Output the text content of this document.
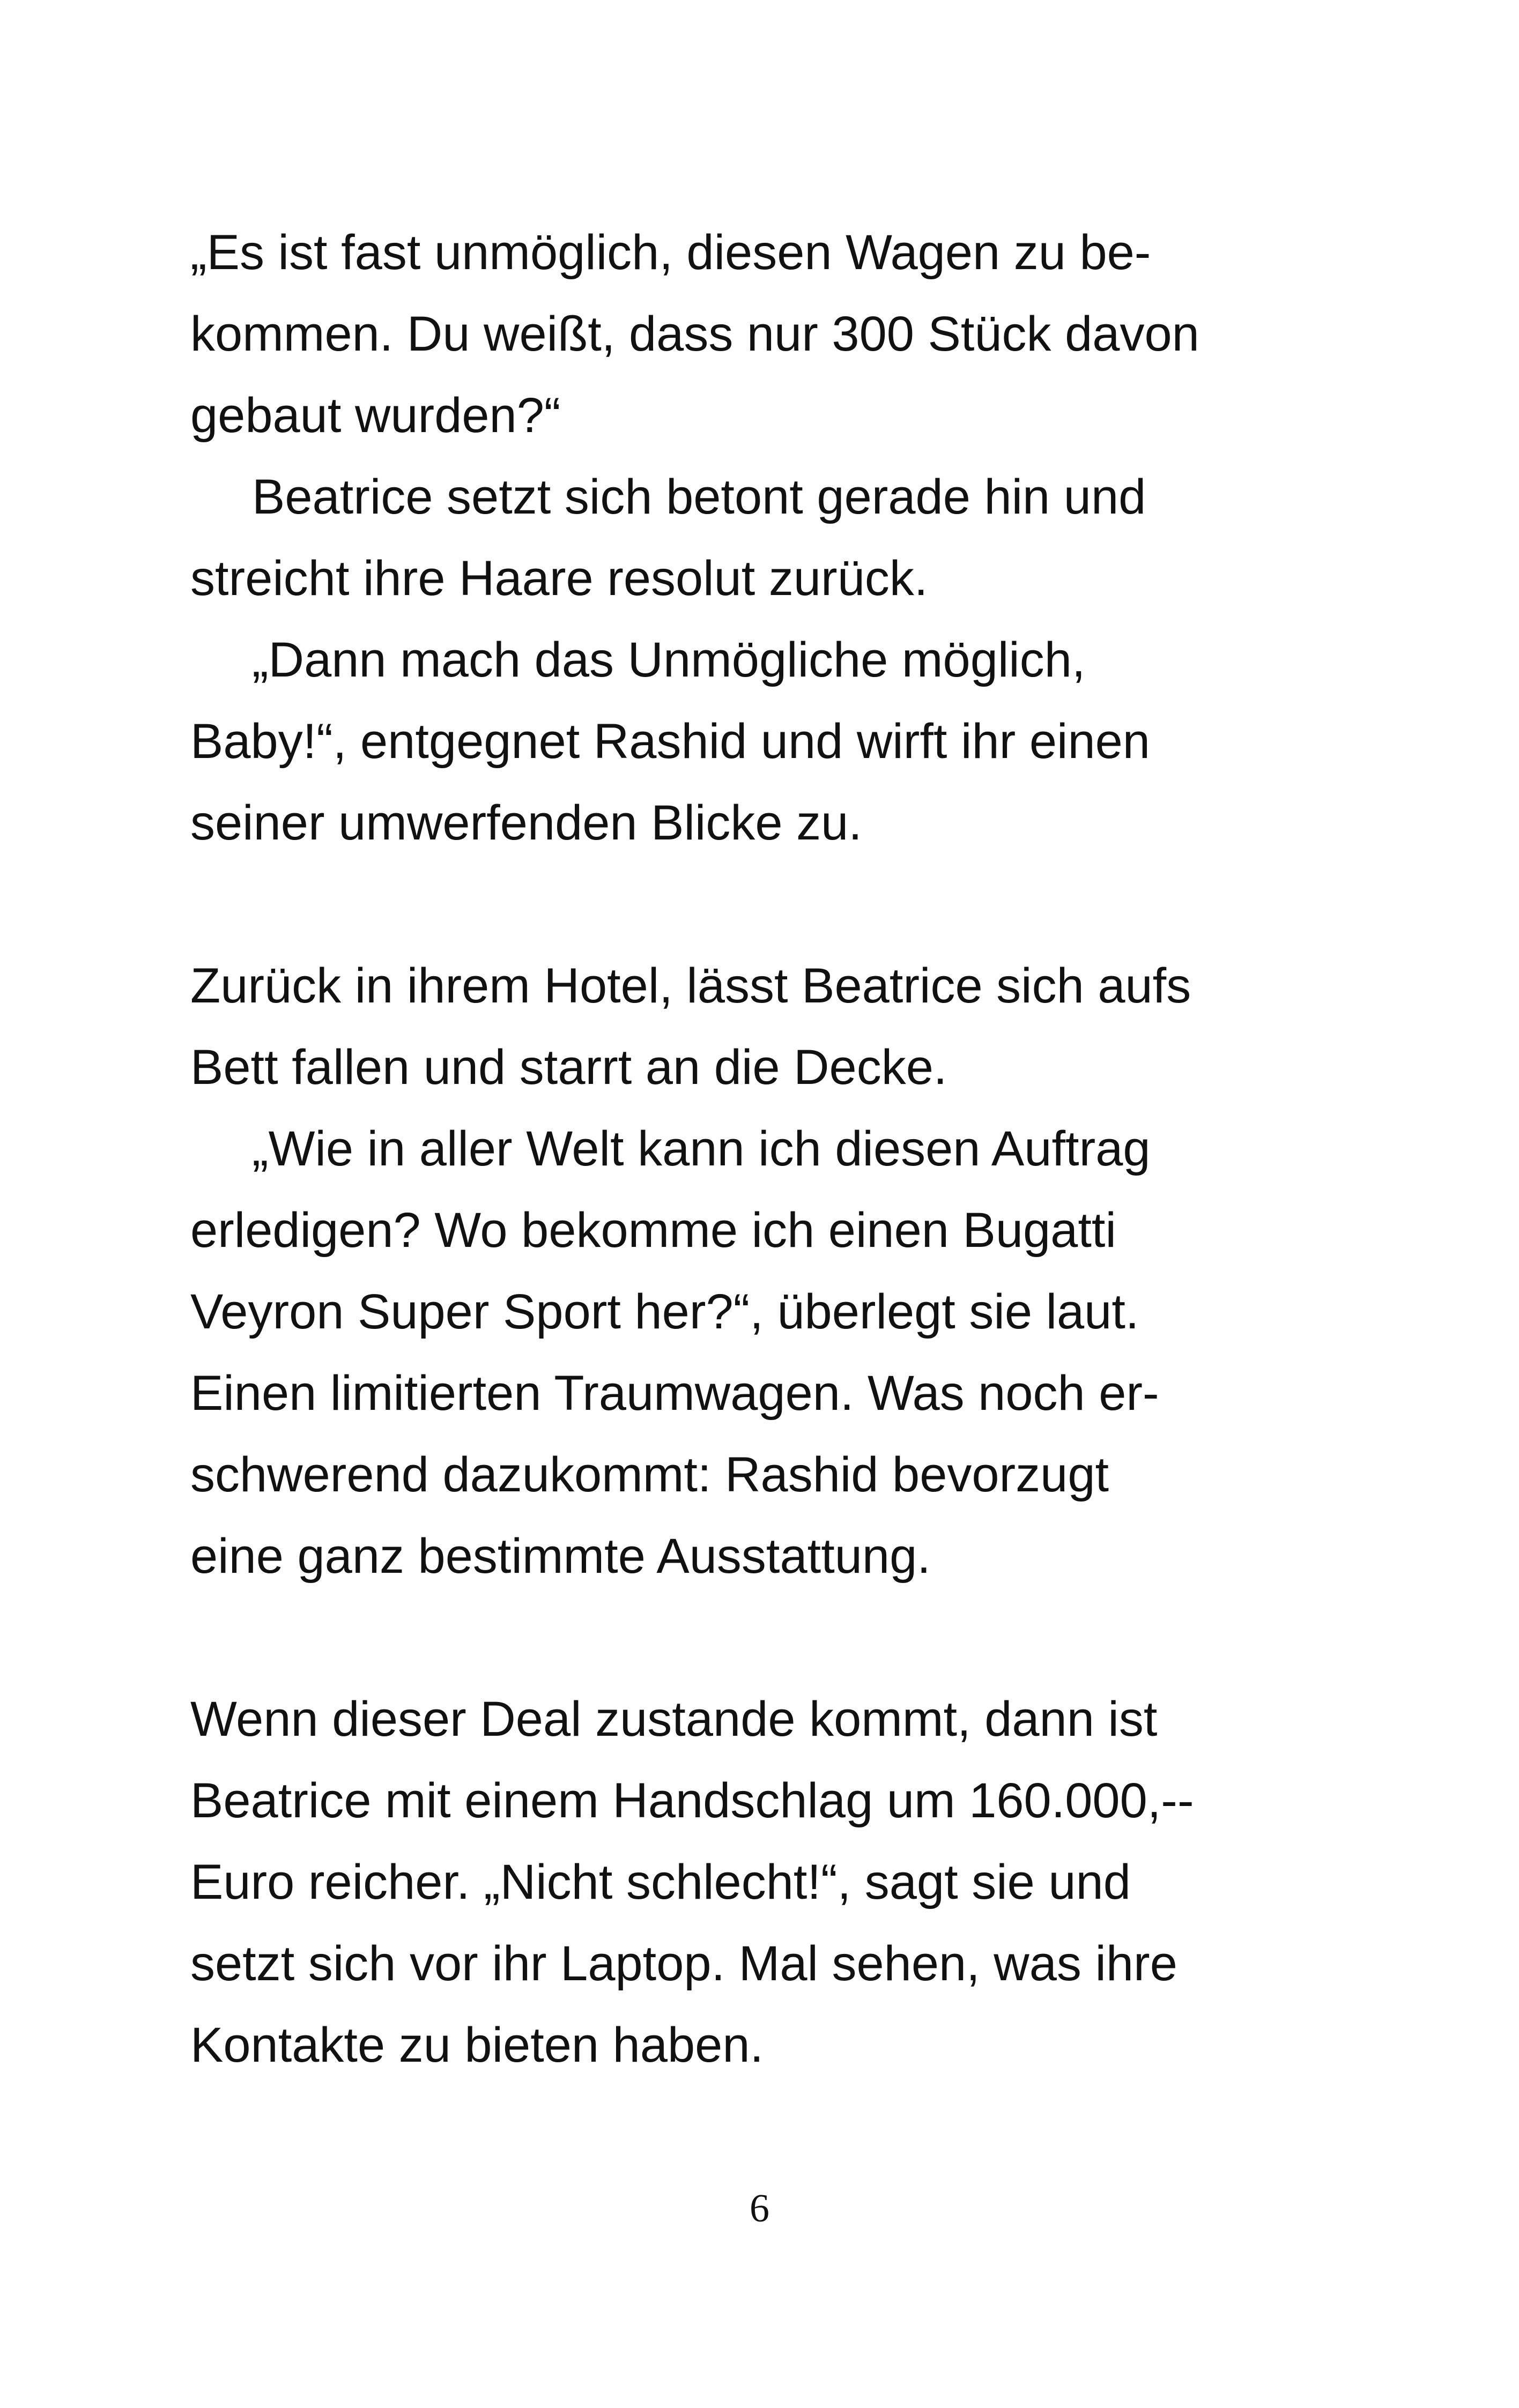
„Es ist fast unmöglich, diesen Wagen zu be-
kommen. Du weißt, dass nur 300 Stück davon
gebaut wurden?“

Beatrice setzt sich betont gerade hin und
streicht ihre Haare resolut zurück.

„Dann mach das Unmögliche möglich,
Baby!“, entgegnet Rashid und wirft ihr einen
seiner umwerfenden Blicke zu.

Zurück in ihrem Hotel, lässt Beatrice sich aufs
Bett fallen und starrt an die Decke.

„Wie in aller Welt kann ich diesen Auftrag
erledigen? Wo bekomme ich einen Bugatti
Veyron Super Sport her?“, überlegt sie laut.
Einen limitierten Traumwagen. Was noch er-
schwerend dazukommt: Rashid bevorzugt
eine ganz bestimmte Ausstattung.

Wenn dieser Deal zustande kommt, dann ist
Beatrice mit einem Handschlag um 160.000,--
Euro reicher. „Nicht schlecht!“, sagt sie und
setzt sich vor ihr Laptop. Mal sehen, was ihre
Kontakte zu bieten haben.

6
